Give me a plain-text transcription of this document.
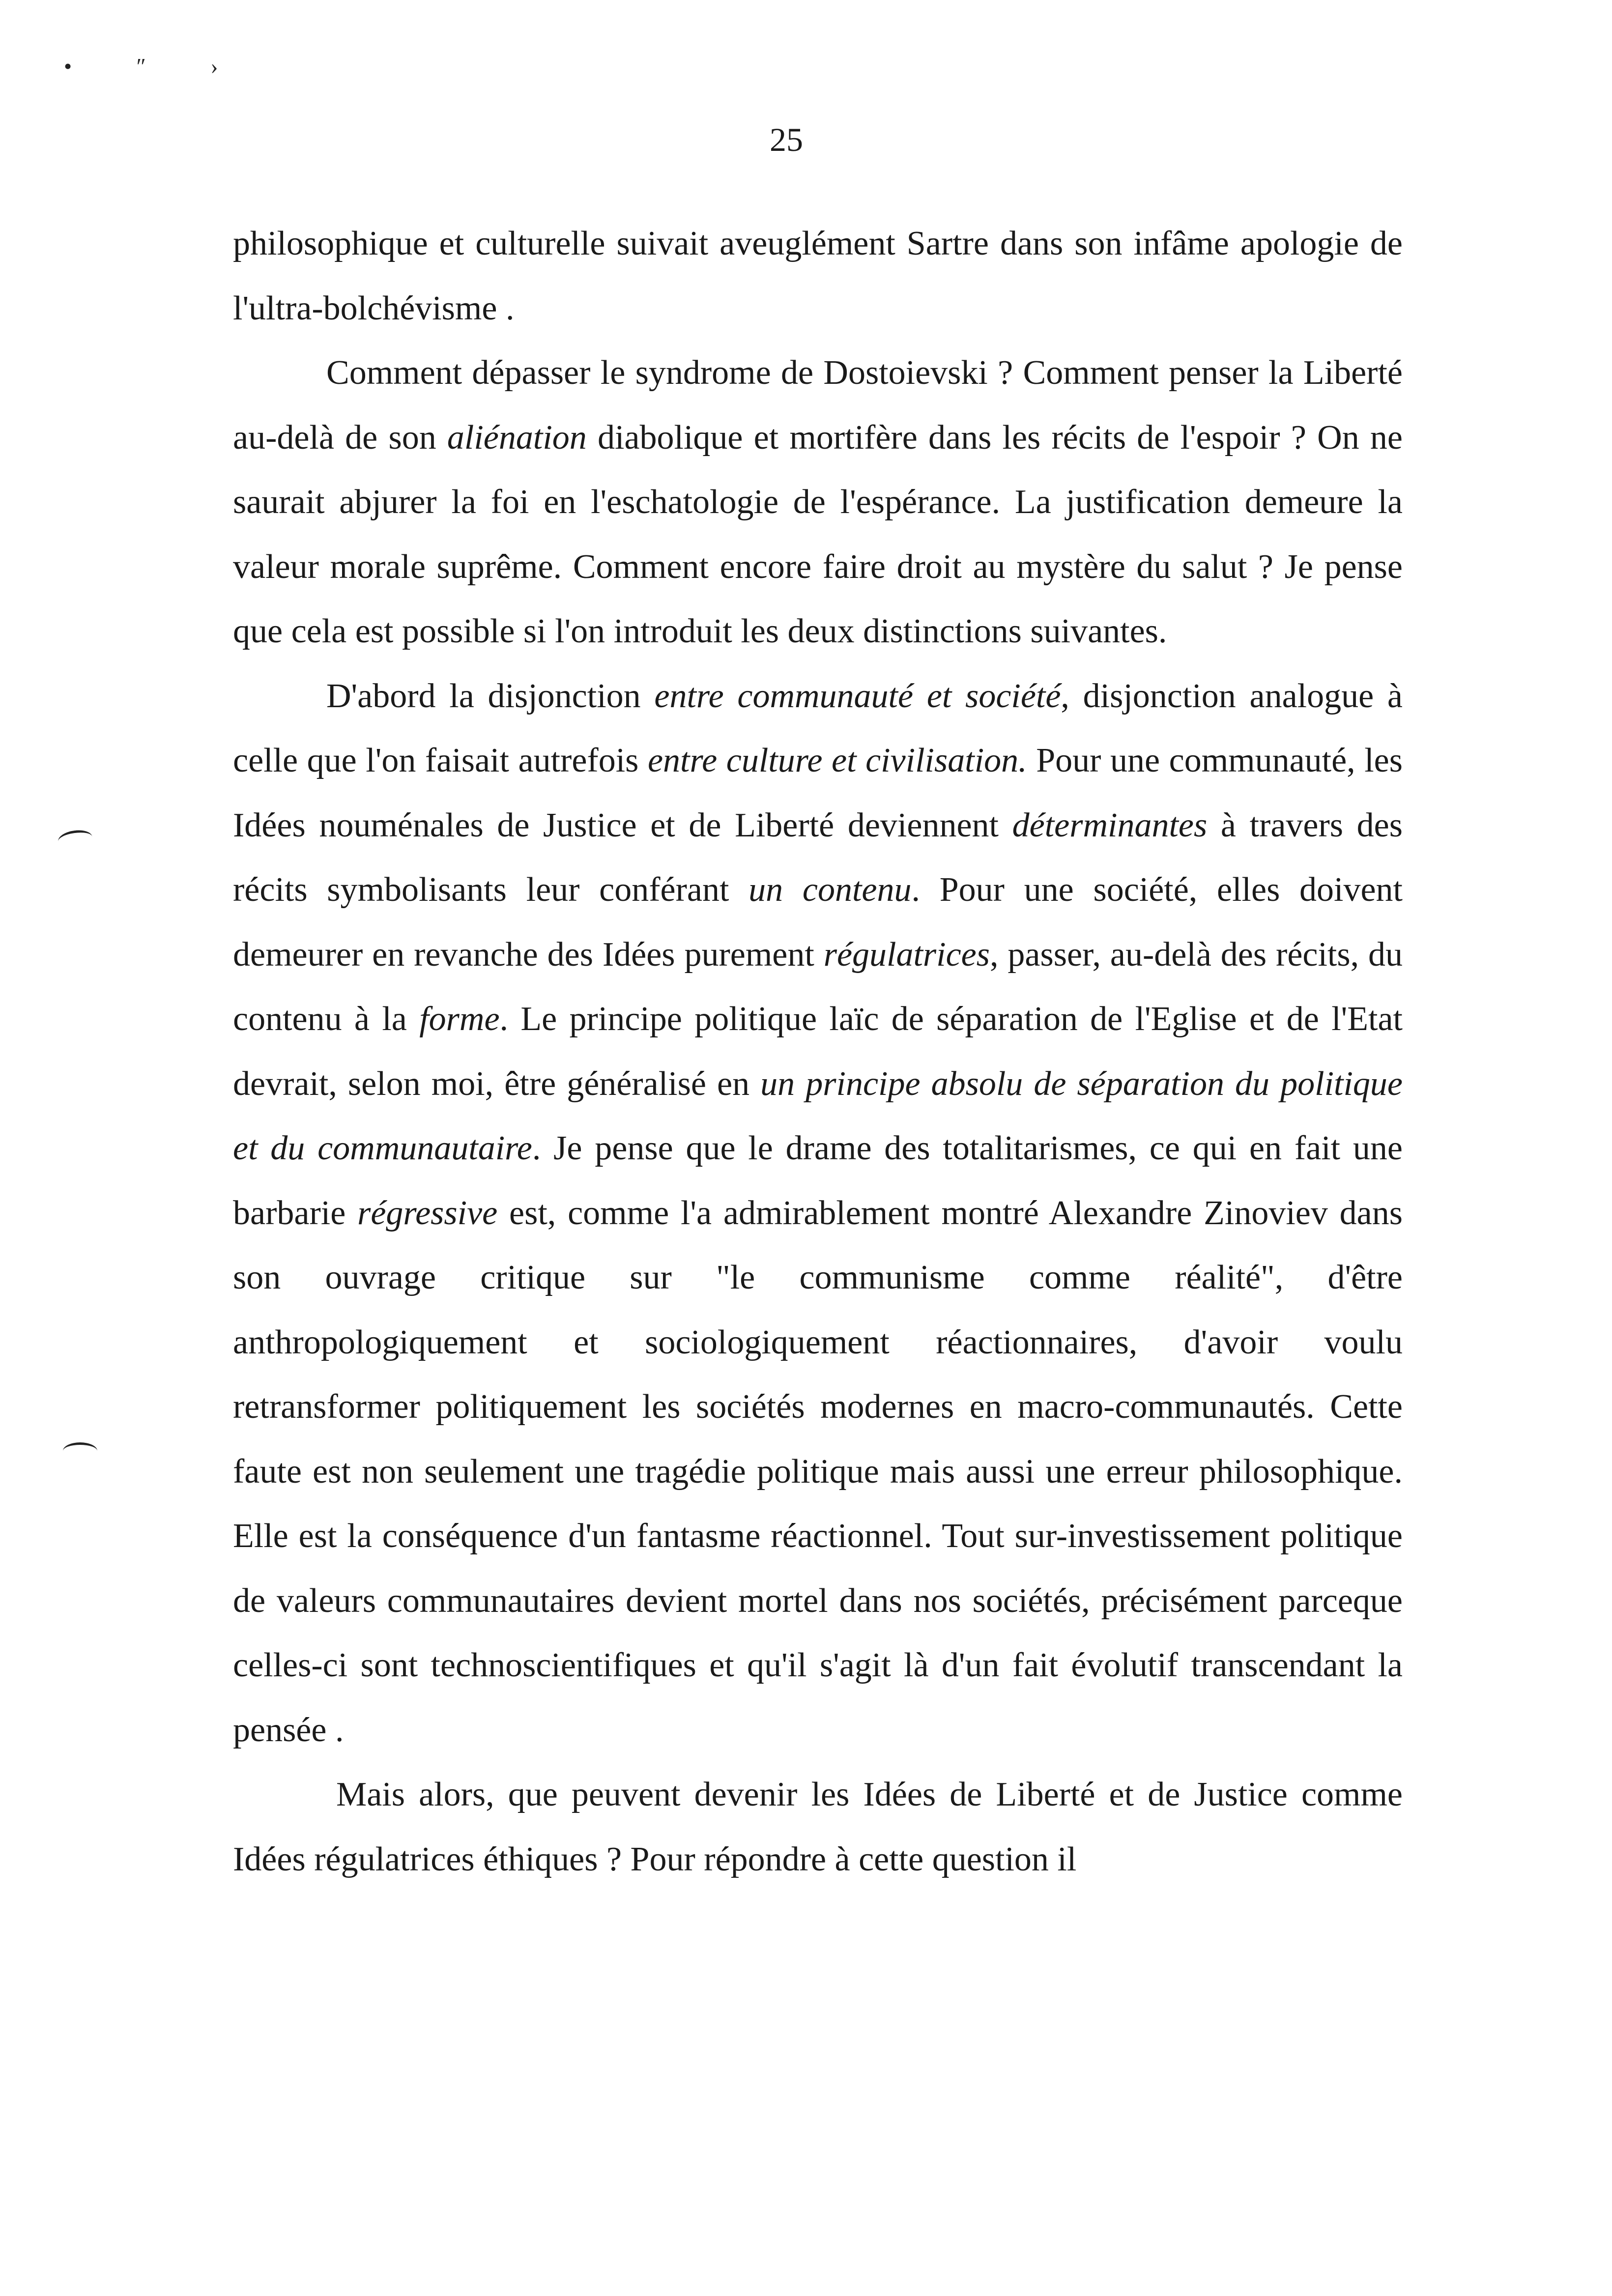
• ″ ›
25

philosophique et culturelle suivait aveuglément Sartre dans son infâme apologie de l'ultra-bolchévisme .

Comment dépasser le syndrome de Dostoievski ? Comment penser la Liberté au-delà de son aliénation diabolique et mortifère dans les récits de l'espoir ? On ne saurait abjurer la foi en l'eschatologie de l'espérance. La justification demeure la valeur morale suprême. Comment encore faire droit au mystère du salut ? Je pense que cela est possible si l'on introduit les deux distinctions suivantes.

D'abord la disjonction entre communauté et société, disjonction analogue à celle que l'on faisait autrefois entre culture et civilisation. Pour une communauté, les Idées nouménales de Justice et de Liberté deviennent déterminantes à travers des récits symbolisants leur conférant un contenu. Pour une société, elles doivent demeurer en revanche des Idées purement régulatrices, passer, au-delà des récits, du contenu à la forme. Le principe politique laïc de séparation de l'Eglise et de l'Etat devrait, selon moi, être généralisé en un principe absolu de séparation du politique et du communautaire. Je pense que le drame des totalitarismes, ce qui en fait une barbarie régressive est, comme l'a admirablement montré Alexandre Zinoviev dans son ouvrage critique sur "le communisme comme réalité", d'être anthropologiquement et sociologiquement réactionnaires, d'avoir voulu retransformer politiquement les sociétés modernes en macro-communautés. Cette faute est non seulement une tragédie politique mais aussi une erreur philosophique. Elle est la conséquence d'un fantasme réactionnel. Tout sur-investissement politique de valeurs communautaires devient mortel dans nos sociétés, précisément parceque celles-ci sont technoscientifiques et qu'il s'agit là d'un fait évolutif transcendant la pensée .

Mais alors, que peuvent devenir les Idées de Liberté et de Justice comme Idées régulatrices éthiques ? Pour répondre à cette question il
